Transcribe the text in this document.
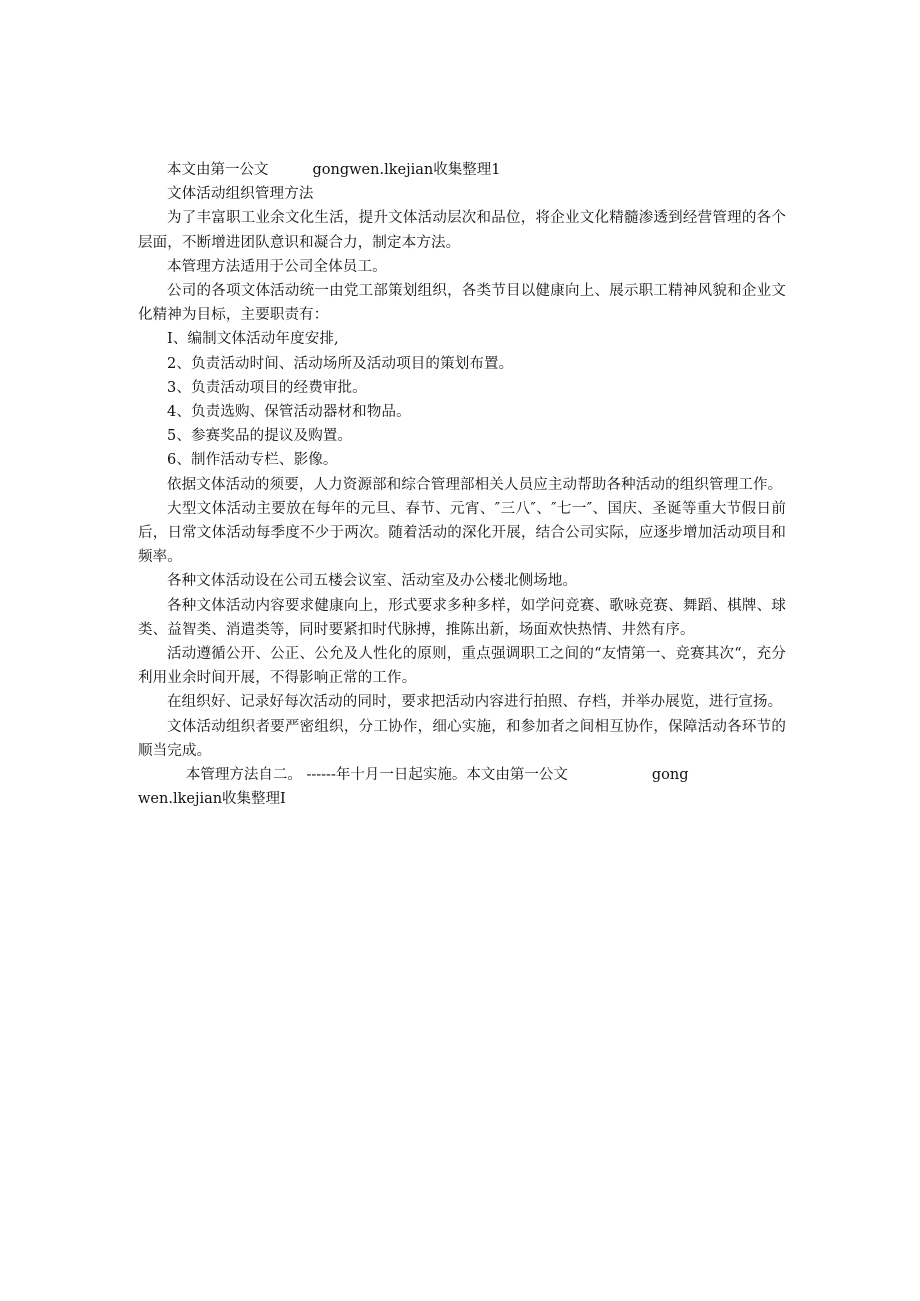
本文由第一公文	gongwen.lkejian收集整理1

文体活动组织管理方法

为了丰富职工业余文化生活，提升文体活动层次和品位，将企业文化精髓渗透到经营管理的各个层面，不断增进团队意识和凝合力，制定本方法。

本管理方法适用于公司全体员工。

公司的各项文体活动统一由党工部策划组织，各类节目以健康向上、展示职工精神风貌和企业文化精神为目标，主要职责有：

I、编制文体活动年度安排,

2、负责活动时间、活动场所及活动项目的策划布置。

3、负责活动项目的经费审批。

4、负责选购、保管活动器材和物品。

5、参赛奖品的提议及购置。

6、制作活动专栏、影像。

依据文体活动的须要，人力资源部和综合管理部相关人员应主动帮助各种活动的组织管理工作。

大型文体活动主要放在每年的元旦、春节、元宵、″三八″、″七一″、国庆、圣诞等重大节假日前后，日常文体活动每季度不少于两次。随着活动的深化开展，结合公司实际，应逐步增加活动项目和频率。

各种文体活动设在公司五楼会议室、活动室及办公楼北侧场地。

各种文体活动内容要求健康向上，形式要求多种多样，如学问竞赛、歌咏竞赛、舞蹈、棋牌、球类、益智类、消遣类等，同时要紧扣时代脉搏，推陈出新，场面欢快热情、井然有序。

活动遵循公开、公正、公允及人性化的原则，重点强调职工之间的“友情第一、竞赛其次“，充分利用业余时间开展，不得影响正常的工作。

在组织好、记录好每次活动的同时，要求把活动内容进行拍照、存档，并举办展览，进行宣扬。

文体活动组织者要严密组织，分工协作，细心实施，和参加者之间相互协作，保障活动各环节的顺当完成。

本管理方法自二。 ------年十月一日起实施。本文由第一公文	gong

wen.lkejian收集整理I
